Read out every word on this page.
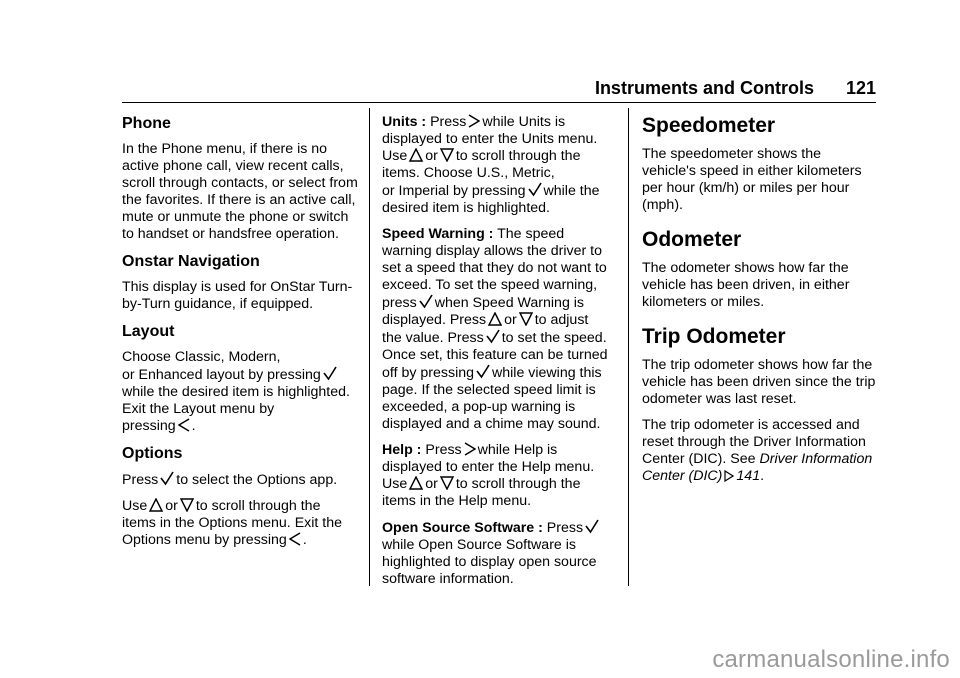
Instruments and Controls 121
Phone

In the Phone menu, if there is no active phone call, view recent calls, scroll through contacts, or select from the favorites. If there is an active call, mute or unmute the phone or switch to handset or handsfree operation.

Onstar Navigation

This display is used for OnStar Turn-by-Turn guidance, if equipped.

Layout

Choose Classic, Modern,
or Enhanced layout by pressing

while the desired item is highlighted. Exit the Layout menu by
pressing .

Options

Press to select the Options app.

Use or to scroll through the items in the Options menu. Exit the
Options menu by pressing .

Units : Press while Units is displayed to enter the Units menu.
Use or to scroll through the items. Choose U.S., Metric,
or Imperial by pressing while the desired item is highlighted.

Speed Warning : The speed warning display allows the driver to set a speed that they do not want to exceed. To set the speed warning,
press when Speed Warning is
displayed. Press or to adjust
the value. Press to set the speed. Once set, this feature can be turned
off by pressing while viewing this page. If the selected speed limit is exceeded, a pop-up warning is displayed and a chime may sound.

Help : Press while Help is displayed to enter the Help menu.
Use or to scroll through the items in the Help menu.

Open Source Software : Press

while Open Source Software is highlighted to display open source software information.

Speedometer

The speedometer shows the vehicle's speed in either kilometers per hour (km/h) or miles per hour (mph).

Odometer

The odometer shows how far the vehicle has been driven, in either kilometers or miles.

Trip Odometer

The trip odometer shows how far the vehicle has been driven since the trip odometer was last reset.

The trip odometer is accessed and reset through the Driver Information Center (DIC). See Driver Information Center (DIC) 141.

carmanualsonline.info
